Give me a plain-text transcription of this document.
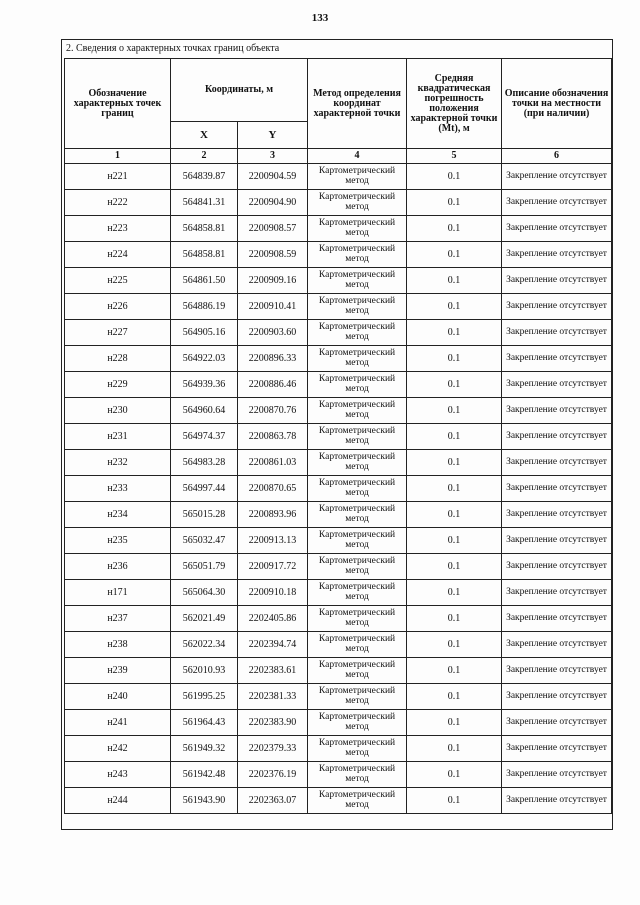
133
2. Сведения о характерных точках границ объекта
Обозначение характерных точек границ	Координаты, м		Метод определения координат характерной точки	Средняя квадратическая погрешность положения характерной точки (Mt), м	Описание обозначения точки на местности (при наличии)
	X	Y			
1	2	3	4	5	6
н221	564839.87	2200904.59	Картометрический метод	0.1	Закрепление отсутствует
н222	564841.31	2200904.90	Картометрический метод	0.1	Закрепление отсутствует
н223	564858.81	2200908.57	Картометрический метод	0.1	Закрепление отсутствует
н224	564858.81	2200908.59	Картометрический метод	0.1	Закрепление отсутствует
н225	564861.50	2200909.16	Картометрический метод	0.1	Закрепление отсутствует
н226	564886.19	2200910.41	Картометрический метод	0.1	Закрепление отсутствует
н227	564905.16	2200903.60	Картометрический метод	0.1	Закрепление отсутствует
н228	564922.03	2200896.33	Картометрический метод	0.1	Закрепление отсутствует
н229	564939.36	2200886.46	Картометрический метод	0.1	Закрепление отсутствует
н230	564960.64	2200870.76	Картометрический метод	0.1	Закрепление отсутствует
н231	564974.37	2200863.78	Картометрический метод	0.1	Закрепление отсутствует
н232	564983.28	2200861.03	Картометрический метод	0.1	Закрепление отсутствует
н233	564997.44	2200870.65	Картометрический метод	0.1	Закрепление отсутствует
н234	565015.28	2200893.96	Картометрический метод	0.1	Закрепление отсутствует
н235	565032.47	2200913.13	Картометрический метод	0.1	Закрепление отсутствует
н236	565051.79	2200917.72	Картометрический метод	0.1	Закрепление отсутствует
н171	565064.30	2200910.18	Картометрический метод	0.1	Закрепление отсутствует
н237	562021.49	2202405.86	Картометрический метод	0.1	Закрепление отсутствует
н238	562022.34	2202394.74	Картометрический метод	0.1	Закрепление отсутствует
н239	562010.93	2202383.61	Картометрический метод	0.1	Закрепление отсутствует
н240	561995.25	2202381.33	Картометрический метод	0.1	Закрепление отсутствует
н241	561964.43	2202383.90	Картометрический метод	0.1	Закрепление отсутствует
н242	561949.32	2202379.33	Картометрический метод	0.1	Закрепление отсутствует
н243	561942.48	2202376.19	Картометрический метод	0.1	Закрепление отсутствует
н244	561943.90	2202363.07	Картометрический метод	0.1	Закрепление отсутствует
